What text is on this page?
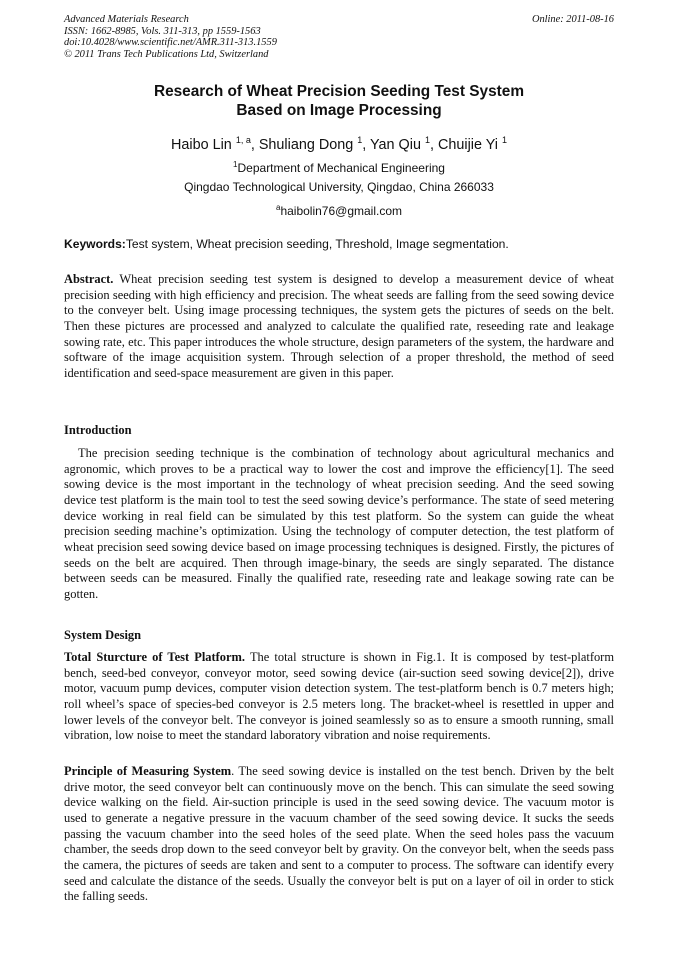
Advanced Materials Research
ISSN: 1662-8985, Vols. 311-313, pp 1559-1563
doi:10.4028/www.scientific.net/AMR.311-313.1559
© 2011 Trans Tech Publications Ltd, Switzerland
Online: 2011-08-16
Research of Wheat Precision Seeding Test System
Based on Image Processing
Haibo Lin $^{1, a}$, Shuliang Dong $^1$, Yan Qiu $^1$, Chuijie Yi $^1$
$^1$Department of Mechanical Engineering
Qingdao Technological University, Qingdao, China 266033
$^a$haibolin76@gmail.com
Keywords:Test system, Wheat precision seeding, Threshold, Image segmentation.
Abstract. Wheat precision seeding test system is designed to develop a measurement device of wheat precision seeding with high efficiency and precision. The wheat seeds are falling from the seed sowing device to the conveyer belt. Using image processing techniques, the system gets the pictures of seeds on the belt. Then these pictures are processed and analyzed to calculate the qualified rate, reseeding rate and leakage sowing rate, etc. This paper introduces the whole structure, design parameters of the system, the hardware and software of the image acquisition system. Through selection of a proper threshold, the method of seed identification and seed-space measurement are given in this paper.
Introduction
The precision seeding technique is the combination of technology about agricultural mechanics and agronomic, which proves to be a practical way to lower the cost and improve the efficiency[1]. The seed sowing device is the most important in the technology of wheat precision seeding. And the seed sowing device test platform is the main tool to test the seed sowing device’s performance. The state of seed metering device working in real field can be simulated by this test platform. So the system can guide the wheat precision seeding machine’s optimization. Using the technology of computer detection, the test platform of wheat precision seed sowing device based on image processing techniques is designed. Firstly, the pictures of seeds on the belt are acquired. Then through image-binary, the seeds are singly separated. The distance between seeds can be measured. Finally the qualified rate, reseeding rate and leakage sowing rate can be gotten.
System Design
Total Sturcture of Test Platform. The total structure is shown in Fig.1. It is composed by test-platform bench, seed-bed conveyor, conveyor motor, seed sowing device (air-suction seed sowing device[2]), drive motor, vacuum pump devices, computer vision detection system. The test-platform bench is 0.7 meters high; roll wheel’s space of species-bed conveyor is 2.5 meters long. The bracket-wheel is resettled in upper and lower levels of the conveyor belt. The conveyor is joined seamlessly so as to ensure a smooth running, small vibration, low noise to meet the standard laboratory vibration and noise requirements.
Principle of Measuring System. The seed sowing device is installed on the test bench. Driven by the belt drive motor, the seed conveyor belt can continuously move on the bench. This can simulate the seed sowing device walking on the field. Air-suction principle is used in the seed sowing device. The vacuum motor is used to generate a negative pressure in the vacuum chamber of the seed sowing device. It sucks the seeds passing the vacuum chamber into the seed holes of the seed plate. When the seed holes pass the vacuum chamber, the seeds drop down to the seed conveyor belt by gravity. On the conveyor belt, when the seeds pass the camera, the pictures of seeds are taken and sent to a computer to process. The software can identify every seed and calculate the distance of the seeds. Usually the conveyor belt is put on a layer of oil in order to stick the falling seeds.
